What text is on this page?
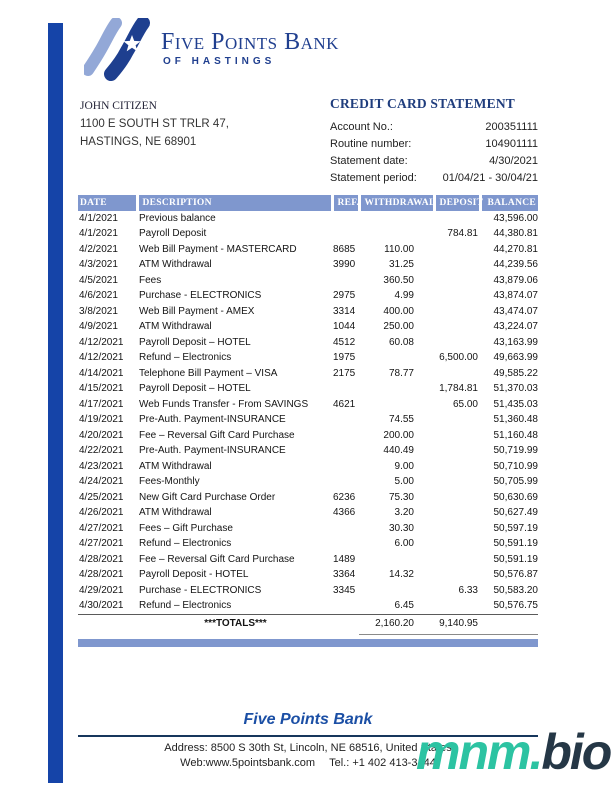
Five Points Bank
OF HASTINGS
JOHN CITIZEN
1100 E SOUTH ST TRLR 47,
HASTINGS, NE 68901
CREDIT CARD STATEMENT
Account No.:	200351111
Routine number:	104901111
Statement date:	4/30/2021
Statement period: 01/04/21 - 30/04/21
DATE	DESCRIPTION	REF.	WITHDRAWAL	DEPOSIT	BALANCE
4/1/2021	Previous balance				43,596.00
4/1/2021	Payroll Deposit			784.81	44,380.81
4/2/2021	Web Bill Payment - MASTERCARD	8685	110.00		44,270.81
4/3/2021	ATM Withdrawal	3990	31.25		44,239.56
4/5/2021	Fees		360.50		43,879.06
4/6/2021	Purchase - ELECTRONICS	2975	4.99		43,874.07
3/8/2021	Web Bill Payment - AMEX	3314	400.00		43,474.07
4/9/2021	ATM Withdrawal	1044	250.00		43,224.07
4/12/2021	Payroll Deposit – HOTEL	4512	60.08		43,163.99
4/12/2021	Refund – Electronics	1975		6,500.00	49,663.99
4/14/2021	Telephone Bill Payment – VISA	2175	78.77		49,585.22
4/15/2021	Payroll Deposit – HOTEL			1,784.81	51,370.03
4/17/2021	Web Funds Transfer - From SAVINGS	4621		65.00	51,435.03
4/19/2021	Pre-Auth. Payment-INSURANCE		74.55		51,360.48
4/20/2021	Fee – Reversal Gift Card Purchase		200.00		51,160.48
4/22/2021	Pre-Auth. Payment-INSURANCE		440.49		50,719.99
4/23/2021	ATM Withdrawal		9.00		50,710.99
4/24/2021	Fees-Monthly		5.00		50,705.99
4/25/2021	New Gift Card Purchase Order	6236	75.30		50,630.69
4/26/2021	ATM Withdrawal	4366	3.20		50,627.49
4/27/2021	Fees – Gift Purchase		30.30		50,597.19
4/27/2021	Refund – Electronics		6.00		50,591.19
4/28/2021	Fee – Reversal Gift Card Purchase	1489			50,591.19
4/28/2021	Payroll Deposit - HOTEL	3364	14.32		50,576.87
4/29/2021	Purchase - ELECTRONICS	3345		6.33	50,583.20
4/30/2021	Refund – Electronics		6.45		50,576.75
	***TOTALS***		2,160.20	9,140.95	
Five Points Bank
Address: 8500 S 30th St, Lincoln, NE 68516, United States
Web:www.5pointsbank.com Tel.: +1 402 413-3444
mnm.bio
